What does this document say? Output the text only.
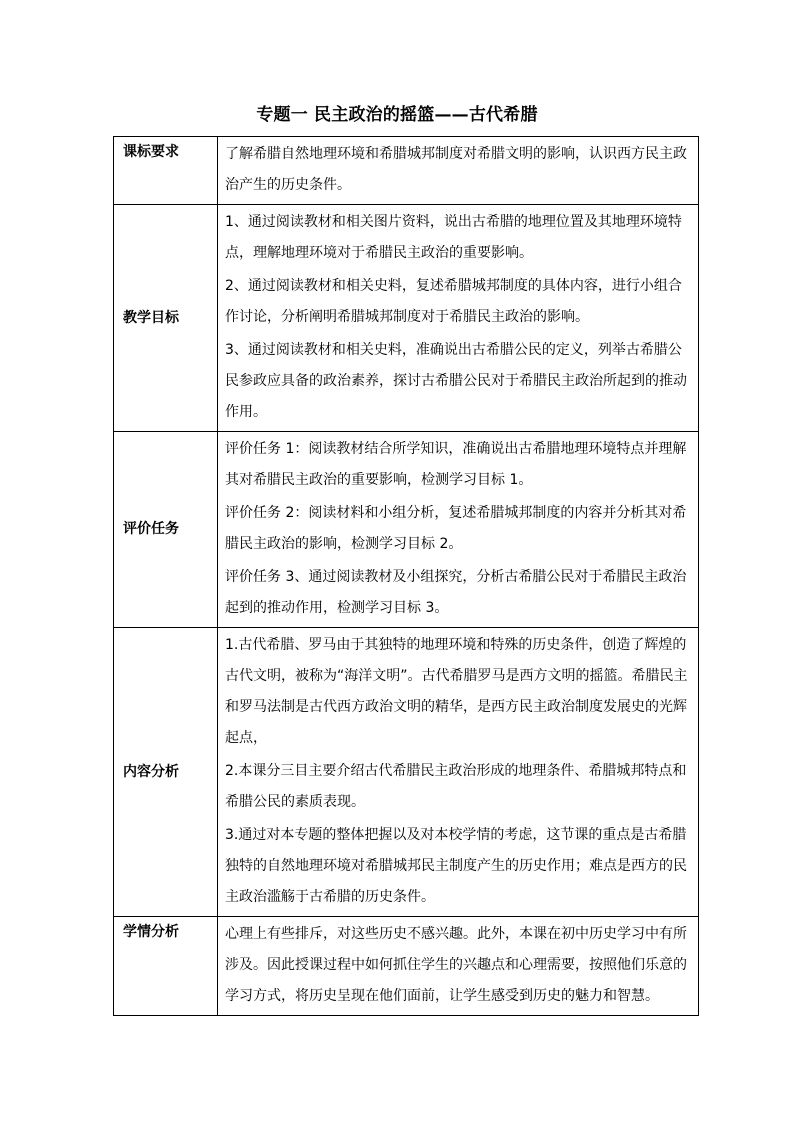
专题一 民主政治的摇篮——古代希腊
课标要求	了解希腊自然地理环境和希腊城邦制度对希腊文明的影响，认识西方民主政治产生的历史条件。

教学目标	1、通过阅读教材和相关图片资料，说出古希腊的地理位置及其地理环境特点，理解地理环境对于希腊民主政治的重要影响。

2、通过阅读教材和相关史料，复述希腊城邦制度的具体内容，进行小组合作讨论，分析阐明希腊城邦制度对于希腊民主政治的影响。

3、通过阅读教材和相关史料，准确说出古希腊公民的定义，列举古希腊公民参政应具备的政治素养，探讨古希腊公民对于希腊民主政治所起到的推动作用。

评价任务	评价任务 1：阅读教材结合所学知识，准确说出古希腊地理环境特点并理解其对希腊民主政治的重要影响，检测学习目标 1。

评价任务 2：阅读材料和小组分析，复述希腊城邦制度的内容并分析其对希腊民主政治的影响，检测学习目标 2。

评价任务 3、通过阅读教材及小组探究，分析古希腊公民对于希腊民主政治起到的推动作用，检测学习目标 3。

内容分析	1.古代希腊、罗马由于其独特的地理环境和特殊的历史条件，创造了辉煌的古代文明，被称为“海洋文明”。古代希腊罗马是西方文明的摇篮。希腊民主和罗马法制是古代西方政治文明的精华，是西方民主政治制度发展史的光辉起点，

2.本课分三目主要介绍古代希腊民主政治形成的地理条件、希腊城邦特点和希腊公民的素质表现。

3.通过对本专题的整体把握以及对本校学情的考虑，这节课的重点是古希腊独特的自然地理环境对希腊城邦民主制度产生的历史作用；难点是西方的民主政治滥觞于古希腊的历史条件。

学情分析	心理上有些排斥，对这些历史不感兴趣。此外，本课在初中历史学习中有所涉及。因此授课过程中如何抓住学生的兴趣点和心理需要，按照他们乐意的学习方式，将历史呈现在他们面前，让学生感受到历史的魅力和智慧。
